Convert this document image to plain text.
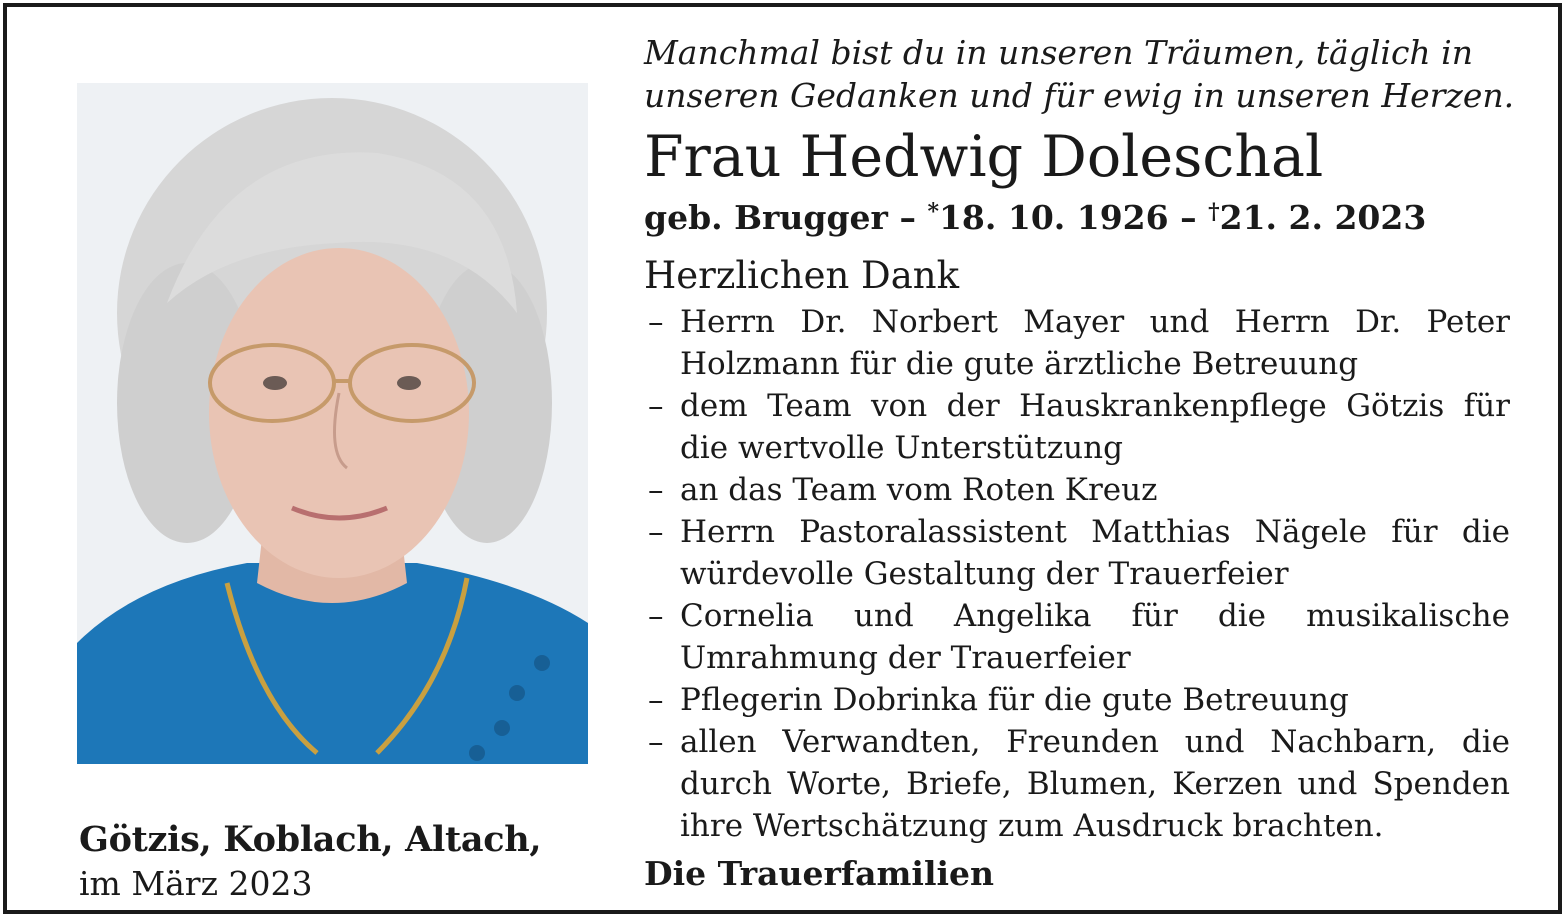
Götzis, Koblach, Altach,
im März 2023
Manchmal bist du in unseren Träumen, täglich in
unseren Gedanken und für ewig in unseren Herzen.
Frau Hedwig Doleschal
geb. Brugger – *18. 10. 1926 – †21. 2. 2023
Herzlichen Dank
– Herrn Dr. Norbert Mayer und Herrn Dr. Peter Holzmann für die gute ärztliche Betreuung
– dem Team von der Hauskrankenpflege Götzis für die wertvolle Unterstützung
– an das Team vom Roten Kreuz
– Herrn Pastoralassistent Matthias Nägele für die würdevolle Gestaltung der Trauerfeier
– Cornelia und Angelika für die musikalische Umrahmung der Trauerfeier
– Pflegerin Dobrinka für die gute Betreuung
– allen Verwandten, Freunden und Nachbarn, die durch Worte, Briefe, Blumen, Kerzen und Spenden ihre Wertschätzung zum Ausdruck brachten.
Die Trauerfamilien
